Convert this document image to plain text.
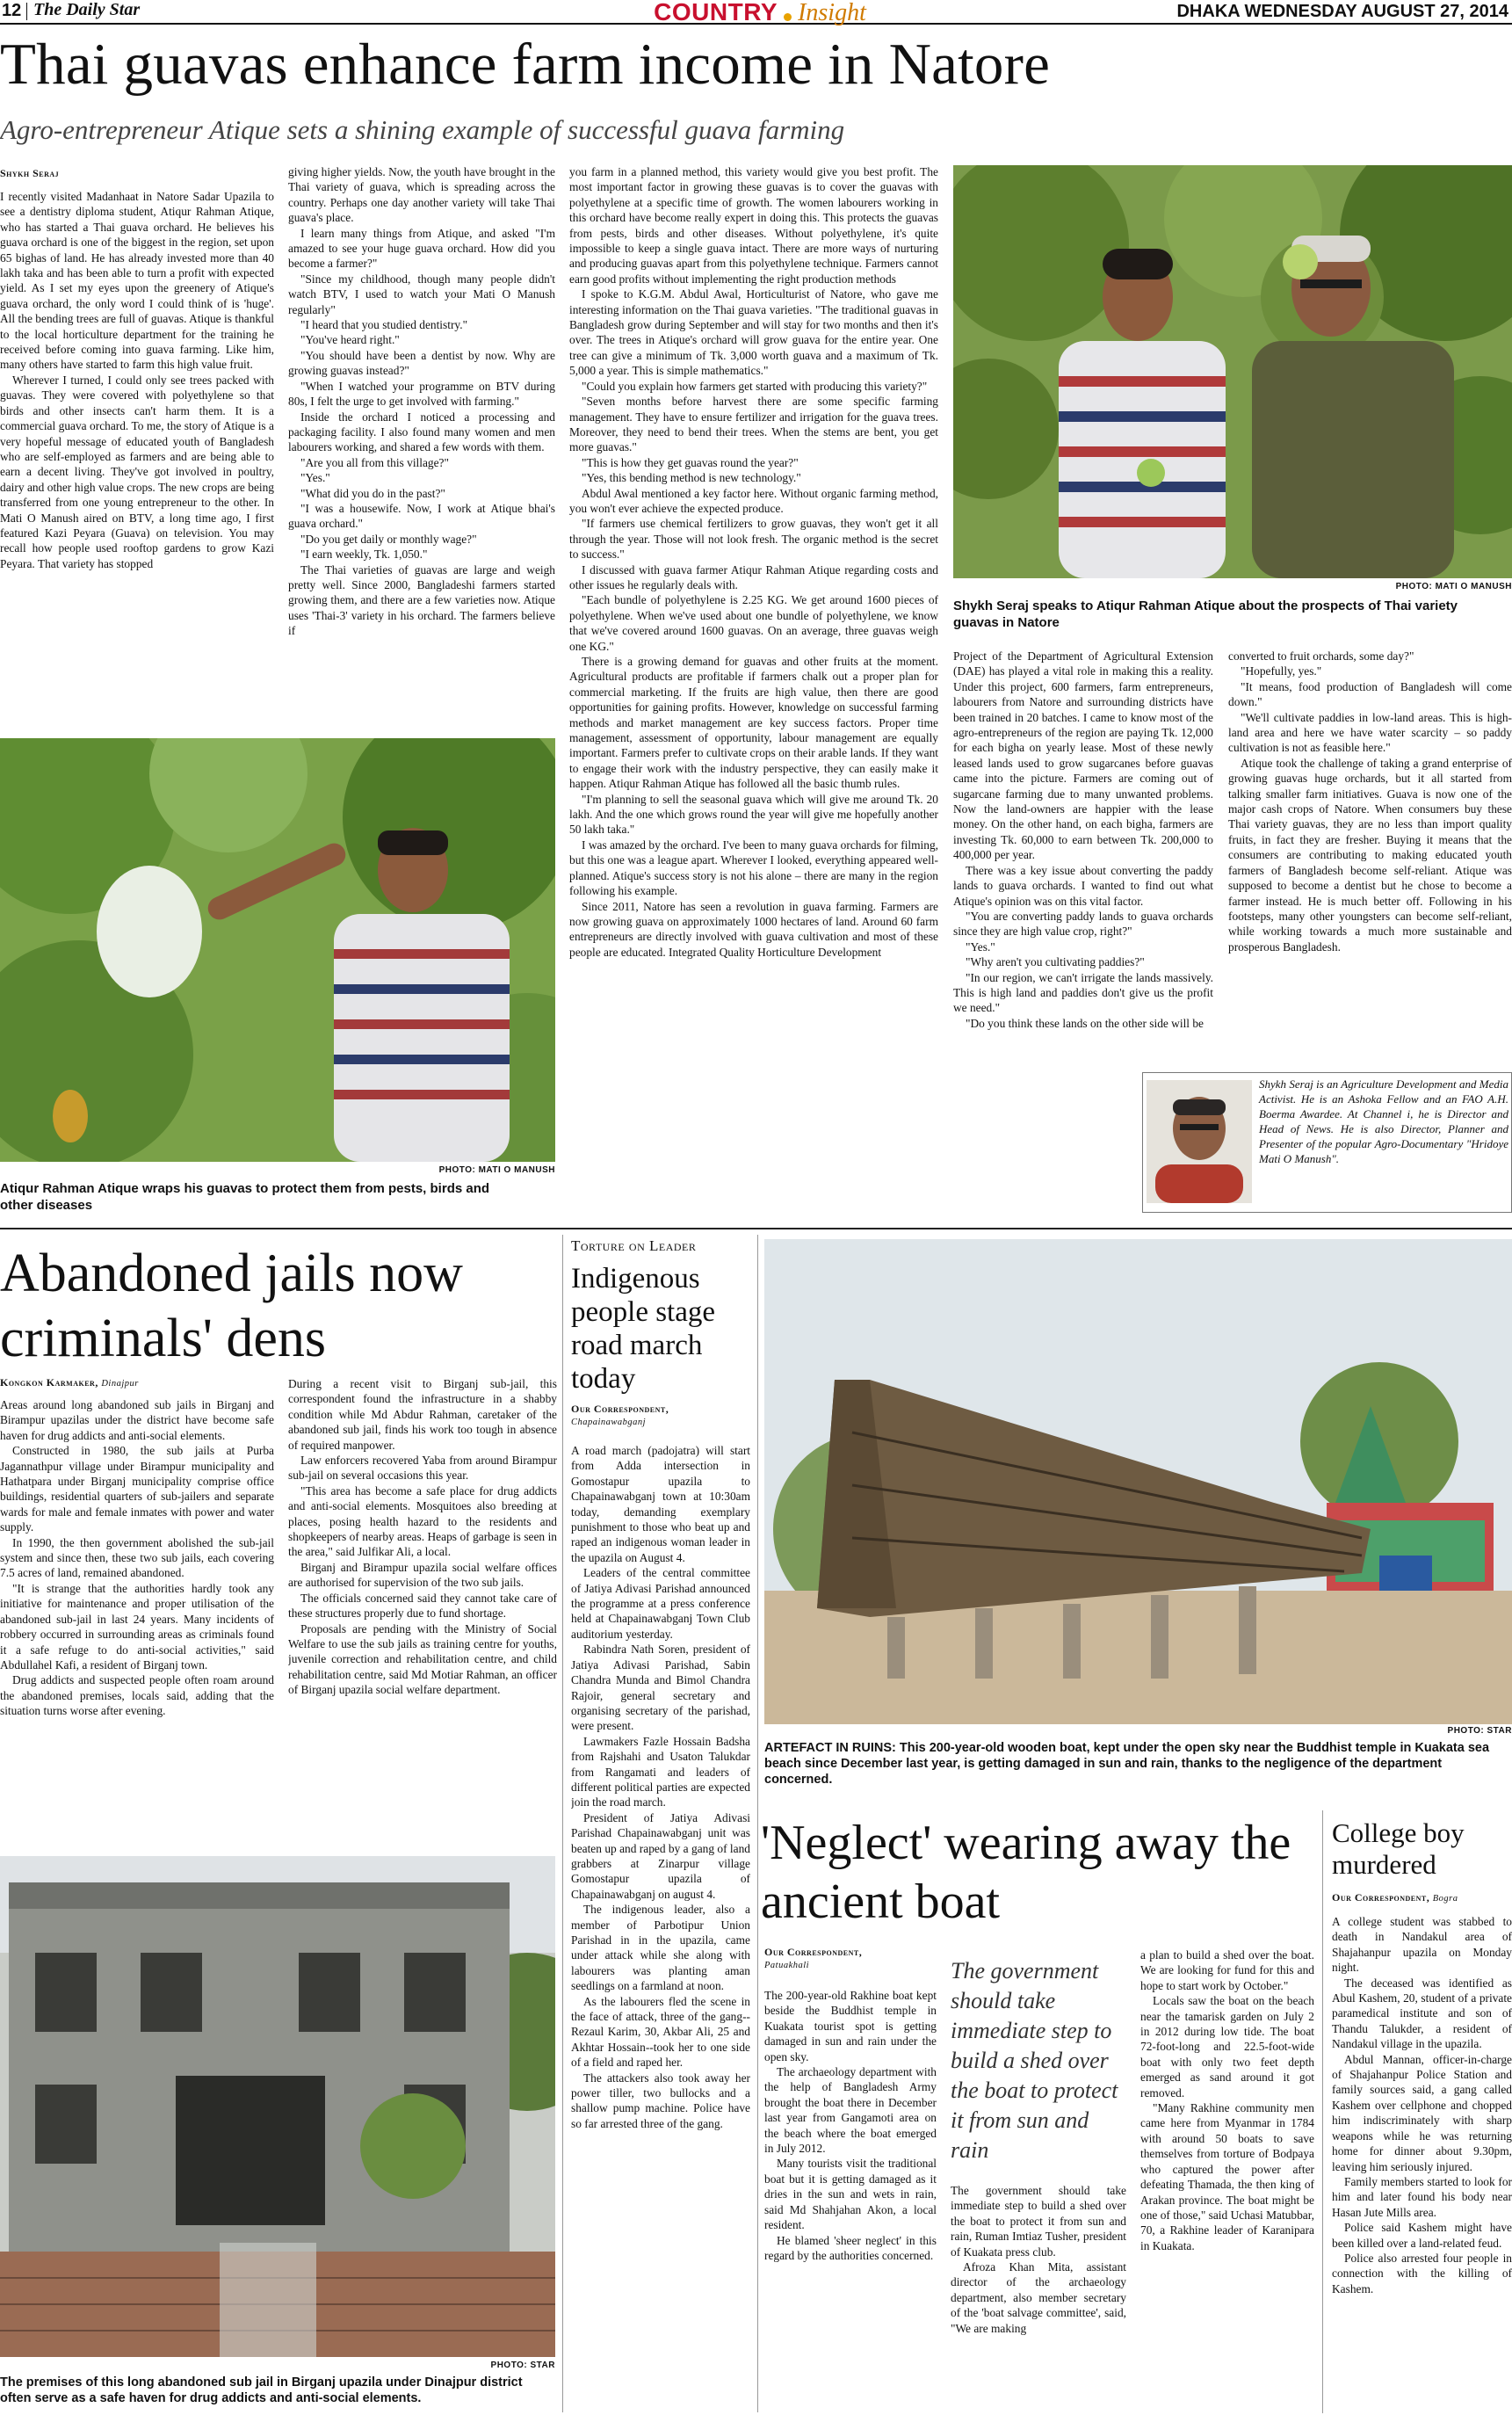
12 The Daily Star	COUNTRY Insight	DHAKA WEDNESDAY AUGUST 27, 2014
Thai guavas enhance farm income in Natore
Agro-entrepreneur Atique sets a shining example of successful guava farming
Shykh Seraj

I recently visited Madanhaat in Natore Sadar Upazila to see a dentistry diploma student, Atiqur Rahman Atique, who has started a Thai guava orchard. He believes his guava orchard is one of the biggest in the region, set upon 65 bighas of land. He has already invested more than 40 lakh taka and has been able to turn a profit with expected yield. As I set my eyes upon the greenery of Atique's guava orchard, the only word I could think of is 'huge'. All the bending trees are full of guavas. Atique is thankful to the local horticulture department for the training he received before coming into guava farming. Like him, many others have started to farm this high value fruit.

Wherever I turned, I could only see trees packed with guavas. They were covered with polyethylene so that birds and other insects can't harm them. It is a commercial guava orchard. To me, the story of Atique is a very hopeful message of educated youth of Bangladesh who are self-employed as farmers and are being able to earn a decent living. They've got involved in poultry, dairy and other high value crops. The new crops are being transferred from one young entrepreneur to the other. In Mati O Manush aired on BTV, a long time ago, I first featured Kazi Peyara (Guava) on television. You may recall how people used rooftop gardens to grow Kazi Peyara. That variety has stopped

giving higher yields. Now, the youth have brought in the Thai variety of guava, which is spreading across the country. Perhaps one day another variety will take Thai guava's place.

I learn many things from Atique, and asked "I'm amazed to see your huge guava orchard. How did you become a farmer?"

"Since my childhood, though many people didn't watch BTV, I used to watch your Mati O Manush regularly"

"I heard that you studied dentistry."

"You've heard right."

"You should have been a dentist by now. Why are growing guavas instead?"

"When I watched your programme on BTV during 80s, I felt the urge to get involved with farming."

Inside the orchard I noticed a processing and packaging facility. I also found many women and men labourers working, and shared a few words with them.

"Are you all from this village?"

"Yes."

"What did you do in the past?"

"I was a housewife. Now, I work at Atique bhai's guava orchard."

"Do you get daily or monthly wage?"

"I earn weekly, Tk. 1,050."

The Thai varieties of guavas are large and weigh pretty well. Since 2000, Bangladeshi farmers started growing them, and there are a few varieties now. Atique uses 'Thai-3' variety in his orchard. The farmers believe if

you farm in a planned method, this variety would give you best profit. The most important factor in growing these guavas is to cover the guavas with polyethylene at a specific time of growth. The women labourers working in this orchard have become really expert in doing this. This protects the guavas from pests, birds and other diseases. Without polyethylene, it's quite impossible to keep a single guava intact. There are more ways of nurturing and producing guavas apart from this polyethylene technique. Farmers cannot earn good profits without implementing the right production methods

I spoke to K.G.M. Abdul Awal, Horticulturist of Natore, who gave me interesting information on the Thai guava varieties. "The traditional guavas in Bangladesh grow during September and will stay for two months and then it's over. The trees in Atique's orchard will grow guava for the entire year. One tree can give a minimum of Tk. 3,000 worth guava and a maximum of Tk. 5,000 a year. This is simple mathematics."

"Could you explain how farmers get started with producing this variety?"

"Seven months before harvest there are some specific farming management. They have to ensure fertilizer and irrigation for the guava trees. Moreover, they need to bend their trees. When the stems are bent, you get more guavas."

"This is how they get guavas round the year?"

"Yes, this bending method is new technology."

Abdul Awal mentioned a key factor here. Without organic farming method, you won't ever achieve the expected produce.

"If farmers use chemical fertilizers to grow guavas, they won't get it all through the year. Those will not look fresh. The organic method is the secret to success."

I discussed with guava farmer Atiqur Rahman Atique regarding costs and other issues he regularly deals with.

"Each bundle of polyethylene is 2.25 KG. We get around 1600 pieces of polyethylene. When we've used about one bundle of polyethylene, we know that we've covered around 1600 guavas. On an average, three guavas weigh one KG."

There is a growing demand for guavas and other fruits at the moment. Agricultural products are profitable if farmers chalk out a proper plan for commercial marketing. If the fruits are high value, then there are good opportunities for gaining profits. However, knowledge on successful farming methods and market management are key success factors. Proper time management, assessment of opportunity, labour management are equally important. Farmers prefer to cultivate crops on their arable lands. If they want to engage their work with the industry perspective, they can easily make it happen. Atiqur Rahman Atique has followed all the basic thumb rules.

"I'm planning to sell the seasonal guava which will give me around Tk. 20 lakh. And the one which grows round the year will give me hopefully another 50 lakh taka."

I was amazed by the orchard. I've been to many guava orchards for filming, but this one was a league apart. Wherever I looked, everything appeared well-planned. Atique's success story is not his alone – there are many in the region following his example.

Since 2011, Natore has seen a revolution in guava farming. Farmers are now growing guava on approximately 1000 hectares of land. Around 60 farm entrepreneurs are directly involved with guava cultivation and most of these people are educated. Integrated Quality Horticulture Development

PHOTO: MATI O MANUSH
Shykh Seraj speaks to Atiqur Rahman Atique about the prospects of Thai variety guavas in Natore

Project of the Department of Agricultural Extension (DAE) has played a vital role in making this a reality. Under this project, 600 farmers, farm entrepreneurs, labourers from Natore and surrounding districts have been trained in 20 batches. I came to know most of the agro-entrepreneurs of the region are paying Tk. 12,000 for each bigha on yearly lease. Most of these newly leased lands used to grow sugarcanes before guavas came into the picture. Farmers are coming out of sugarcane farming due to many unwanted problems. Now the land-owners are happier with the lease money. On the other hand, on each bigha, farmers are investing Tk. 60,000 to earn between Tk. 200,000 to 400,000 per year.

There was a key issue about converting the paddy lands to guava orchards. I wanted to find out what Atique's opinion was on this vital factor.

"You are converting paddy lands to guava orchards since they are high value crop, right?"

"Yes."

"Why aren't you cultivating paddies?"

"In our region, we can't irrigate the lands massively. This is high land and paddies don't give us the profit we need."

"Do you think these lands on the other side will be

converted to fruit orchards, some day?"

"Hopefully, yes."

"It means, food production of Bangladesh will come down."

"We'll cultivate paddies in low-land areas. This is high-land area and here we have water scarcity – so paddy cultivation is not as feasible here."

Atique took the challenge of taking a grand enterprise of growing guavas huge orchards, but it all started from talking smaller farm initiatives. Guava is now one of the major cash crops of Natore. When consumers buy these Thai variety guavas, they are no less than import quality fruits, in fact they are fresher. Buying it means that the consumers are contributing to making educated youth farmers of Bangladesh become self-reliant. Atique was supposed to become a dentist but he chose to become a farmer instead. He is much better off. Following in his footsteps, many other youngsters can become self-reliant, while working towards a much more sustainable and prosperous Bangladesh.

Shykh Seraj is an Agriculture Development and Media Activist. He is an Ashoka Fellow and an FAO A.H. Boerma Awardee. At Channel i, he is Director and Head of News. He is also Director, Planner and Presenter of the popular Agro-Documentary "Hridoye Mati O Manush".
PHOTO: MATI O MANUSH
Atiqur Rahman Atique wraps his guavas to protect them from pests, birds and other diseases
Abandoned jails now criminals' dens
Kongkon Karmaker, Dinajpur

Areas around long abandoned sub jails in Birganj and Birampur upazilas under the district have become safe haven for drug addicts and anti-social elements.

Constructed in 1980, the sub jails at Purba Jagannathpur village under Birampur municipality and Hathatpara under Birganj municipality comprise office buildings, residential quarters of sub-jailers and separate wards for male and female inmates with power and water supply.

In 1990, the then government abolished the sub-jail system and since then, these two sub jails, each covering 7.5 acres of land, remained abandoned.

"It is strange that the authorities hardly took any initiative for maintenance and proper utilisation of the abandoned sub-jail in last 24 years. Many incidents of robbery occurred in surrounding areas as criminals found it a safe refuge to do anti-social activities," said Abdullahel Kafi, a resident of Birganj town.

Drug addicts and suspected people often roam around the abandoned premises, locals said, adding that the situation turns worse after evening.

During a recent visit to Birganj sub-jail, this correspondent found the infrastructure in a shabby condition while Md Abdur Rahman, caretaker of the abandoned sub jail, finds his work too tough in absence of required manpower.

Law enforcers recovered Yaba from around Birampur sub-jail on several occasions this year.

"This area has become a safe place for drug addicts and anti-social elements. Mosquitoes also breeding at places, posing health hazard to the residents and shopkeepers of nearby areas. Heaps of garbage is seen in the area," said Julfikar Ali, a local.

Birganj and Birampur upazila social welfare offices are authorised for supervision of the two sub jails.

The officials concerned said they cannot take care of these structures properly due to fund shortage.

Proposals are pending with the Ministry of Social Welfare to use the sub jails as training centre for youths, juvenile correction and rehabilitation centre, and child rehabilitation centre, said Md Motiar Rahman, an officer of Birganj upazila social welfare department.

PHOTO: STAR
The premises of this long abandoned sub jail in Birganj upazila under Dinajpur district often serve as a safe haven for drug addicts and anti-social elements.
Torture on Leader
Indigenous people stage road march today
Our Correspondent,
Chapainawabganj

A road march (padojatra) will start from Adda intersection in Gomostapur upazila to Chapainawabganj town at 10:30am today, demanding exemplary punishment to those who beat up and raped an indigenous woman leader in the upazila on August 4.

Leaders of the central committee of Jatiya Adivasi Parishad announced the programme at a press conference held at Chapainawabganj Town Club auditorium yesterday.

Rabindra Nath Soren, president of Jatiya Adivasi Parishad, Sabin Chandra Munda and Bimol Chandra Rajoir, general secretary and organising secretary of the parishad, were present.

Lawmakers Fazle Hossain Badsha from Rajshahi and Usaton Talukdar from Rangamati and leaders of different political parties are expected join the road march.

President of Jatiya Adivasi Parishad Chapainawabganj unit was beaten up and raped by a gang of land grabbers at Zinarpur village Gomostapur upazila of Chapainawabganj on august 4.

The indigenous leader, also a member of Parbotipur Union Parishad in in the upazila, came under attack while she along with labourers was planting aman seedlings on a farmland at noon.

As the labourers fled the scene in the face of attack, three of the gang--Rezaul Karim, 30, Akbar Ali, 25 and Akhtar Hossain--took her to one side of a field and raped her.

The attackers also took away her power tiller, two bullocks and a shallow pump machine. Police have so far arrested three of the gang.

PHOTO: STAR
ARTEFACT IN RUINS: This 200-year-old wooden boat, kept under the open sky near the Buddhist temple in Kuakata sea beach since December last year, is getting damaged in sun and rain, thanks to the negligence of the department concerned.
'Neglect' wearing away the ancient boat
Our Correspondent,
Patuakhali

The 200-year-old Rakhine boat kept beside the Buddhist temple in Kuakata tourist spot is getting damaged in sun and rain under the open sky.

The archaeology department with the help of Bangladesh Army brought the boat there in December last year from Gangamoti area on the beach where the boat emerged in July 2012.

Many tourists visit the traditional boat but it is getting damaged as it dries in the sun and wets in rain, said Md Shahjahan Akon, a local resident.

He blamed 'sheer neglect' in this regard by the authorities concerned.

The government should take immediate step to build a shed over the boat to protect it from sun and rain

The government should take immediate step to build a shed over the boat to protect it from sun and rain, Ruman Imtiaz Tusher, president of Kuakata press club.

Afroza Khan Mita, assistant director of the archaeology department, also member secretary of the 'boat salvage committee', said, "We are making

a plan to build a shed over the boat. We are looking for fund for this and hope to start work by October."

Locals saw the boat on the beach near the tamarisk garden on July 2 in 2012 during low tide. The boat 72-foot-long and 22.5-foot-wide boat with only two feet depth emerged as sand around it got removed.

"Many Rakhine community men came here from Myanmar in 1784 with around 50 boats to save themselves from torture of Bodpaya who captured the power after defeating Thamada, the then king of Arakan province. The boat might be one of those," said Uchasi Matubbar, 70, a Rakhine leader of Karanipara in Kuakata.

College boy murdered
Our Correspondent, Bogra

A college student was stabbed to death in Nandakul area of Shajahanpur upazila on Monday night.

The deceased was identified as Abul Kashem, 20, student of a private paramedical institute and son of Thandu Talukder, a resident of Nandakul village in the upazila.

Abdul Mannan, officer-in-charge of Shajahanpur Police Station and family sources said, a gang called Kashem over cellphone and chopped him indiscriminately with sharp weapons while he was returning home for dinner about 9.30pm, leaving him seriously injured.

Family members started to look for him and later found his body near Hasan Jute Mills area.

Police said Kashem might have been killed over a land-related feud.

Police also arrested four people in connection with the killing of Kashem.
